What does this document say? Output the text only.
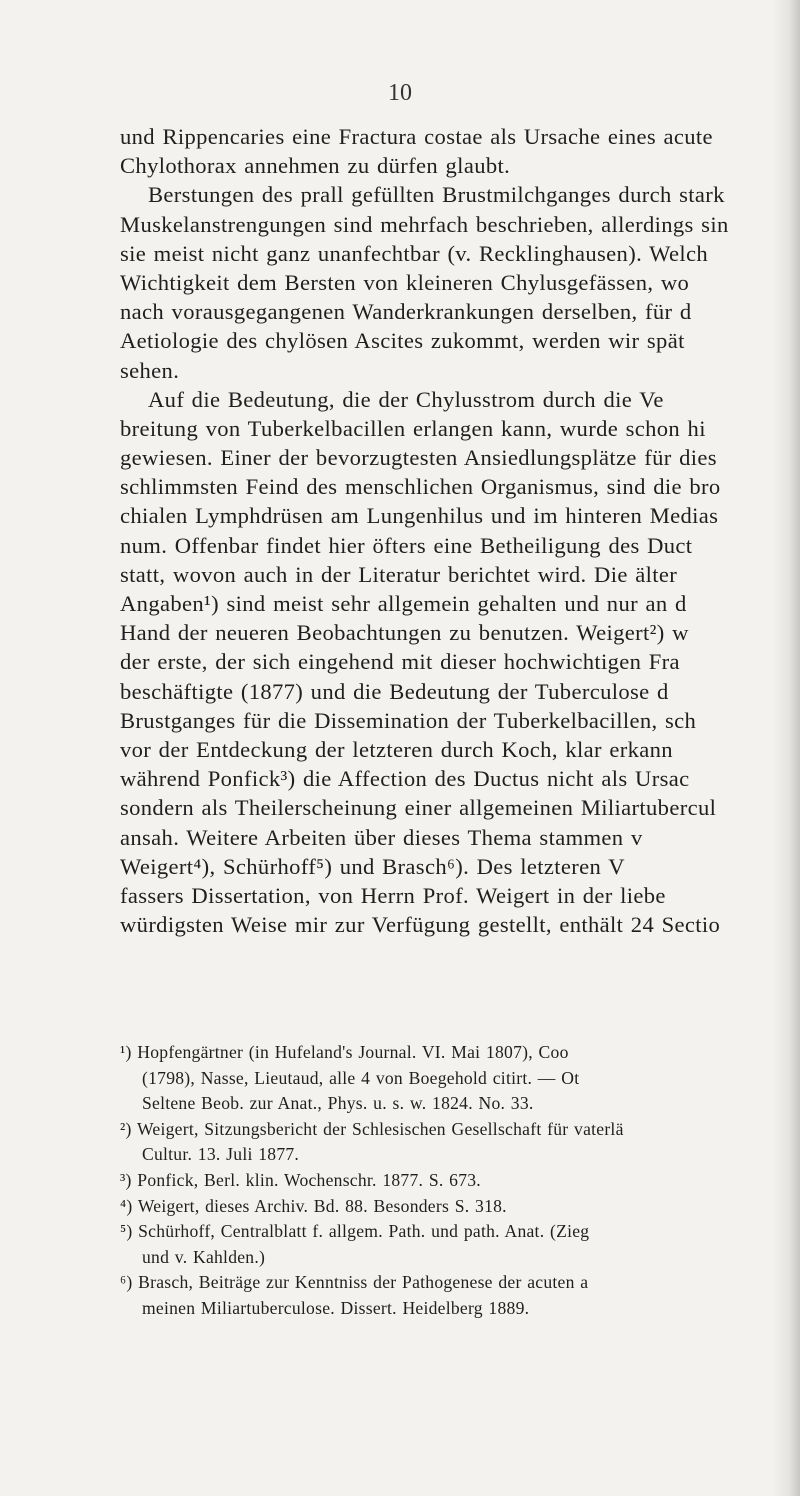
10
und Rippencaries eine Fractura costae als Ursache eines acute
Chylothorax annehmen zu dürfen glaubt.
Berstungen des prall gefüllten Brustmilchganges durch stark
Muskelanstrengungen sind mehrfach beschrieben, allerdings sin
sie meist nicht ganz unanfechtbar (v. Recklinghausen). Welch
Wichtigkeit dem Bersten von kleineren Chylusgefässen, wo
nach vorausgegangenen Wanderkrankungen derselben, für d
Aetiologie des chylösen Ascites zukommt, werden wir spät
sehen.
Auf die Bedeutung, die der Chylusstrom durch die Ve
breitung von Tuberkelbacillen erlangen kann, wurde schon hi
gewiesen. Einer der bevorzugtesten Ansiedlungsplätze für dies
schlimmsten Feind des menschlichen Organismus, sind die bro
chialen Lymphdrüsen am Lungenhilus und im hinteren Medias
num. Offenbar findet hier öfters eine Betheiligung des Duct
statt, wovon auch in der Literatur berichtet wird. Die älter
Angaben¹) sind meist sehr allgemein gehalten und nur an d
Hand der neueren Beobachtungen zu benutzen. Weigert²) w
der erste, der sich eingehend mit dieser hochwichtigen Fra
beschäftigte (1877) und die Bedeutung der Tuberculose d
Brustganges für die Dissemination der Tuberkelbacillen, sch
vor der Entdeckung der letzteren durch Koch, klar erkann
während Ponfick³) die Affection des Ductus nicht als Ursac
sondern als Theilerscheinung einer allgemeinen Miliartubercul
ansah. Weitere Arbeiten über dieses Thema stammen v
Weigert⁴), Schürhoff⁵) und Brasch⁶). Des letzteren V
fassers Dissertation, von Herrn Prof. Weigert in der liebe
würdigsten Weise mir zur Verfügung gestellt, enthält 24 Sectio
¹) Hopfengärtner (in Hufeland's Journal. VI. Mai 1807), Coo
(1798), Nasse, Lieutaud, alle 4 von Boegehold citirt. — Ot
Seltene Beob. zur Anat., Phys. u. s. w. 1824. No. 33.
²) Weigert, Sitzungsbericht der Schlesischen Gesellschaft für vaterlä
Cultur. 13. Juli 1877.
³) Ponfick, Berl. klin. Wochenschr. 1877. S. 673.
⁴) Weigert, dieses Archiv. Bd. 88. Besonders S. 318.
⁵) Schürhoff, Centralblatt f. allgem. Path. und path. Anat. (Zieg
und v. Kahlden.)
⁶) Brasch, Beiträge zur Kenntniss der Pathogenese der acuten a
meinen Miliartuberculose. Dissert. Heidelberg 1889.
